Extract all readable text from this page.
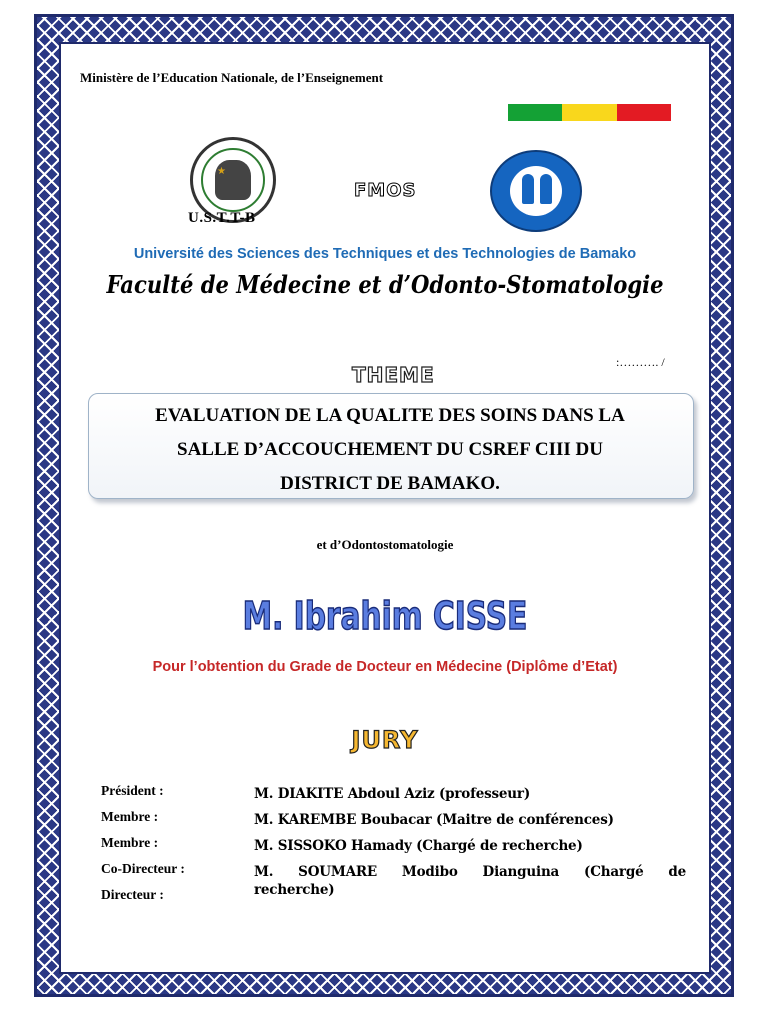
Ministère de l’Education Nationale, de l’Enseignement
★
U.S.T.T-B
FMOS
Université des Sciences des Techniques et des Technologies de Bamako
Faculté de Médecine et d’Odonto-Stomatologie
:………. /
THEME
EVALUATION DE LA QUALITE DES SOINS DANS LA
SALLE D’ACCOUCHEMENT DU CSREF CIII DU
DISTRICT DE BAMAKO.
et d’Odontostomatologie
M. Ibrahim CISSE
Pour l’obtention du Grade de Docteur en Médecine (Diplôme d’Etat)
JURY
Président :
Membre :
Membre :
Co-Directeur :
Directeur :
M. DIAKITE Abdoul Aziz (professeur)
M. KAREMBE Boubacar (Maitre de conférences)
M. SISSOKO Hamady (Chargé de recherche)
M. SOUMARE Modibo Dianguina (Chargé de
recherche)
